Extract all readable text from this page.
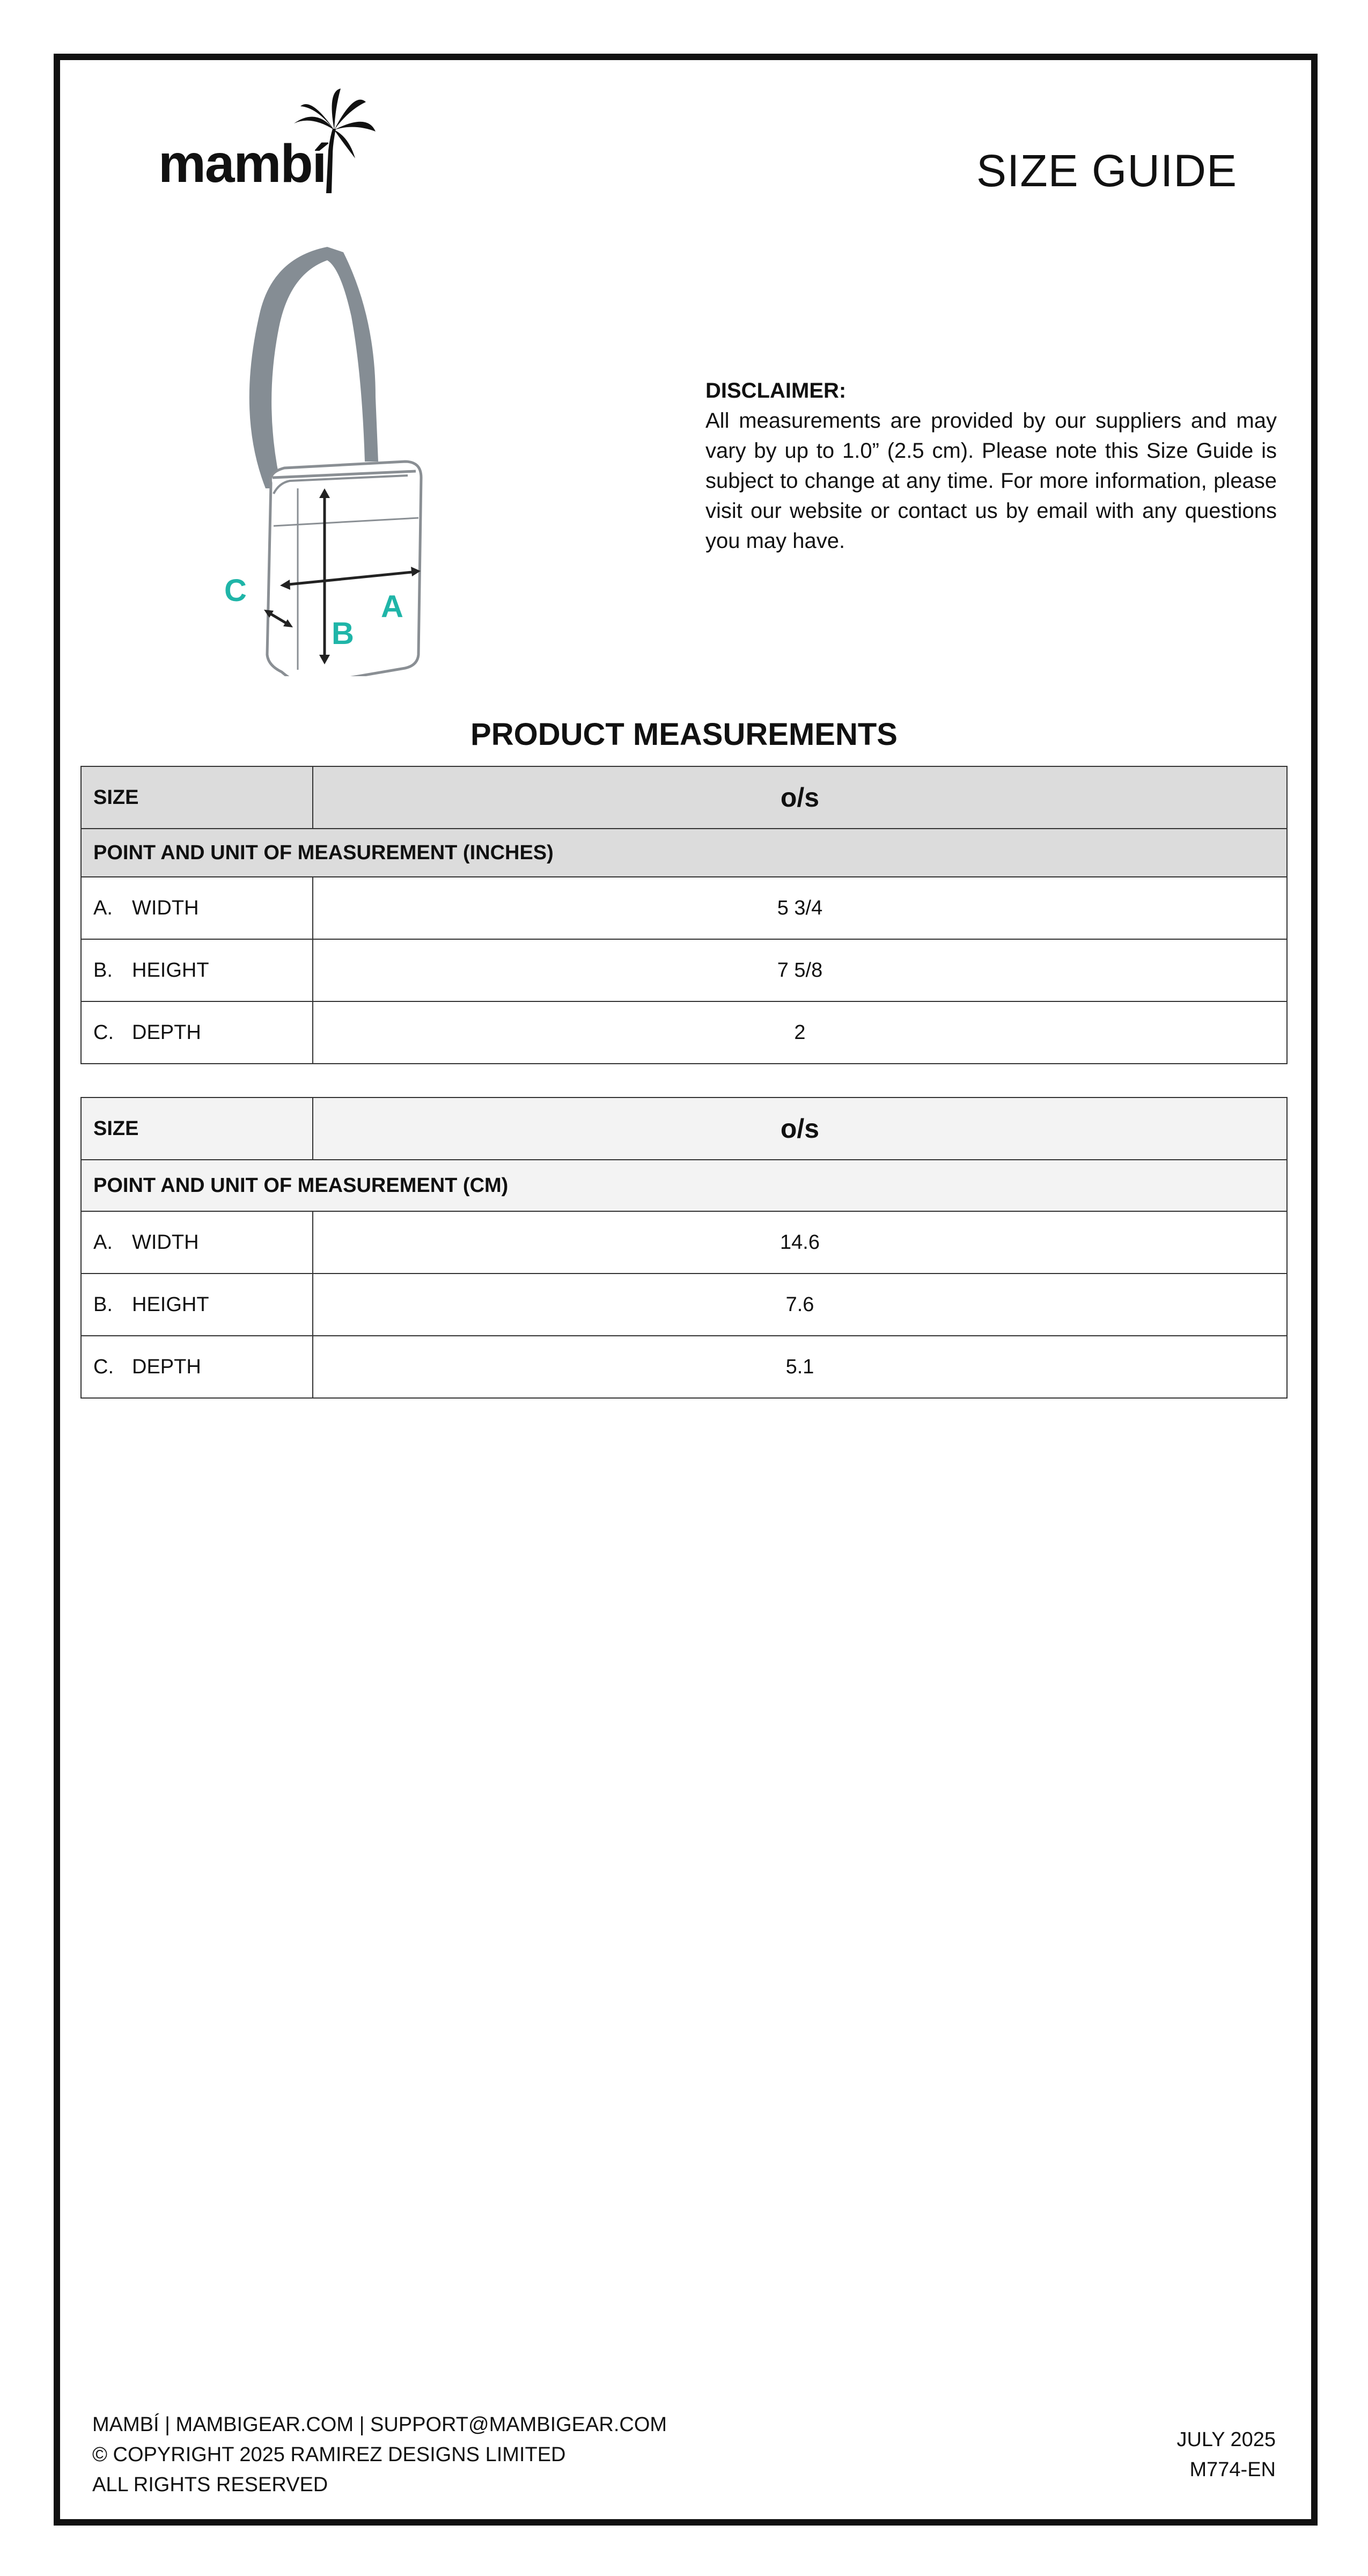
mambí	SIZE GUIDE
A
B
C
DISCLAIMER:
All measurements are provided by our suppliers and may vary by up to 1.0” (2.5 cm). Please note this Size Guide is subject to change at any time. For more information, please visit our website or contact us by email with any questions you may have.
PRODUCT MEASUREMENTS
SIZE	o/s
POINT AND UNIT OF MEASUREMENT (INCHES)	
A. WIDTH	5 3/4
B. HEIGHT	7 5/8
C. DEPTH	2
SIZE	o/s
POINT AND UNIT OF MEASUREMENT (CM)	
A. WIDTH	14.6
B. HEIGHT	7.6
C. DEPTH	5.1
MAMBÍ | MAMBIGEAR.COM | SUPPORT@MAMBIGEAR.COM
© COPYRIGHT 2025 RAMIREZ DESIGNS LIMITED
ALL RIGHTS RESERVED
JULY 2025
M774-EN
